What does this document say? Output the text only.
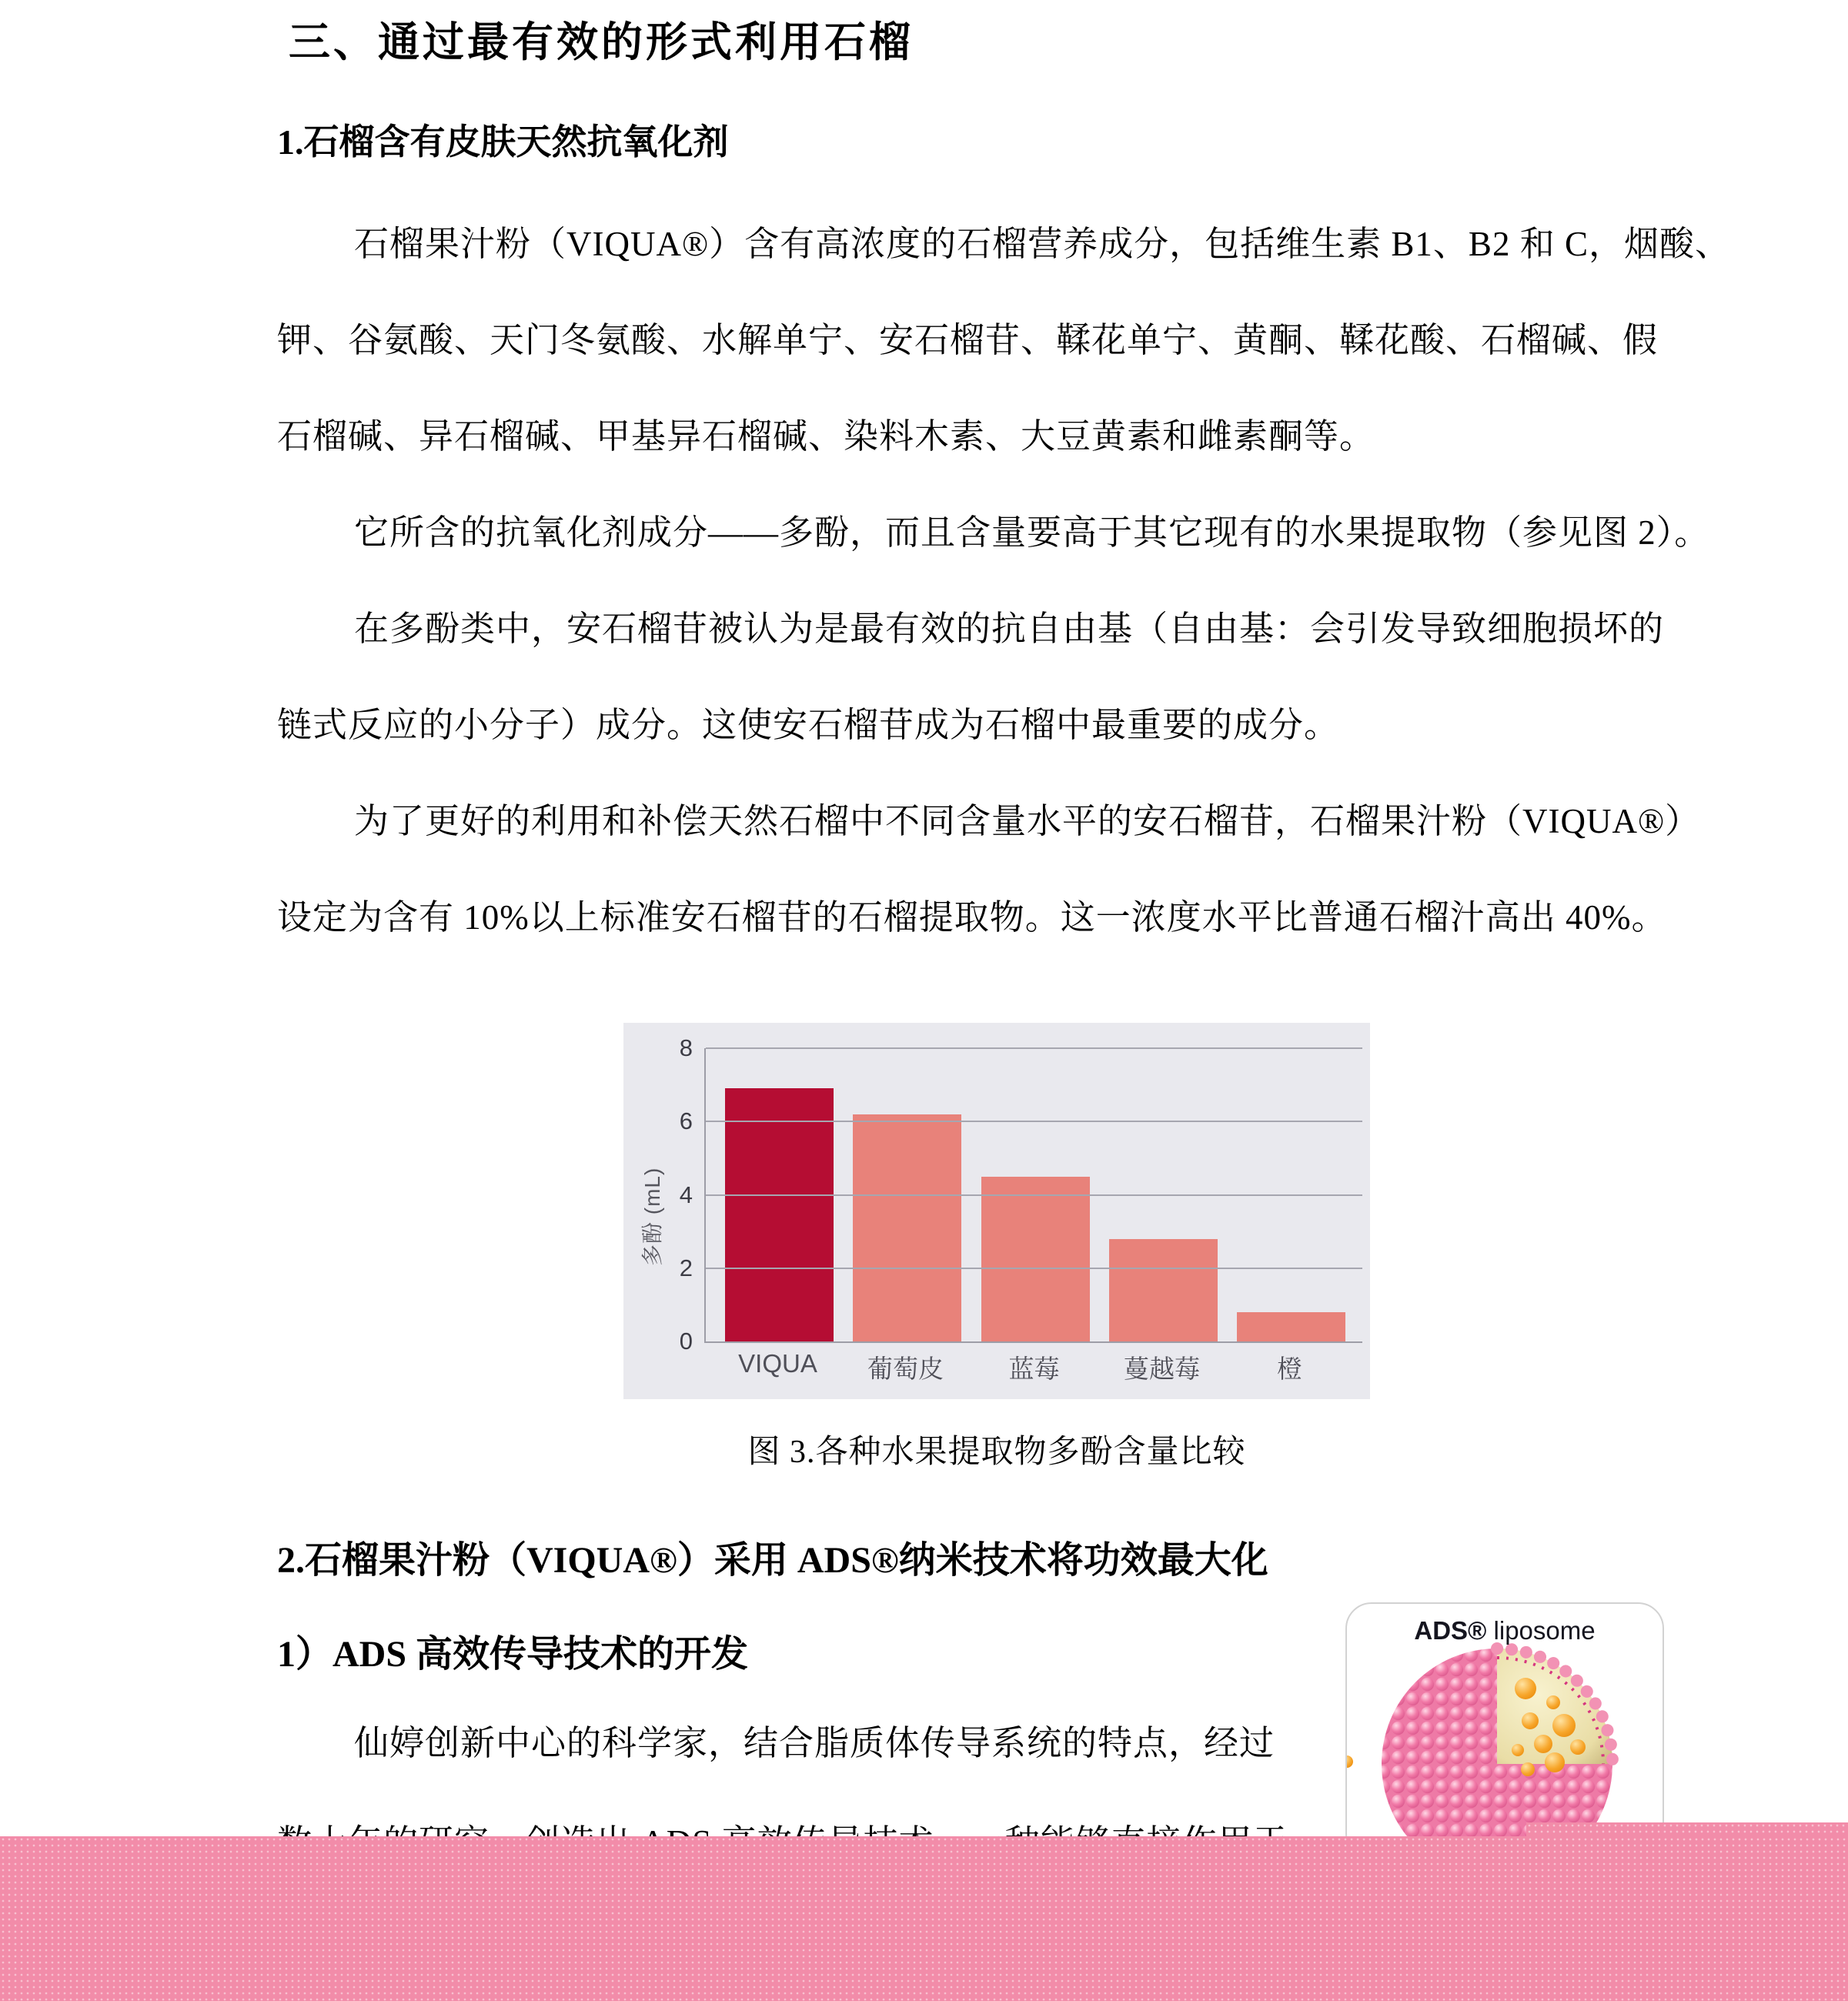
三、通过最有效的形式利用石榴
1.石榴含有皮肤天然抗氧化剂
石榴果汁粉（VIQUA®）含有高浓度的石榴营养成分，包括维生素 B1、B2 和 C，烟酸、
钾、谷氨酸、天门冬氨酸、水解单宁、安石榴苷、鞣花单宁、黄酮、鞣花酸、石榴碱、假
石榴碱、异石榴碱、甲基异石榴碱、染料木素、大豆黄素和雌素酮等。
它所含的抗氧化剂成分——多酚，而且含量要高于其它现有的水果提取物（参见图 2）。
在多酚类中，安石榴苷被认为是最有效的抗自由基（自由基：会引发导致细胞损坏的
链式反应的小分子）成分。这使安石榴苷成为石榴中最重要的成分。
为了更好的利用和补偿天然石榴中不同含量水平的安石榴苷，石榴果汁粉（VIQUA®）
设定为含有 10%以上标准安石榴苷的石榴提取物。这一浓度水平比普通石榴汁高出 40%。
多酚 (mL)
0
2
4
6
8
VIQUA	葡萄皮	蓝莓	蔓越莓	橙
图 3.各种水果提取物多酚含量比较
2.石榴果汁粉（VIQUA®）采用 ADS®纳米技术将功效最大化
1）ADS 高效传导技术的开发
仙婷创新中心的科学家，结合脂质体传导系统的特点，经过
ADS® liposome
